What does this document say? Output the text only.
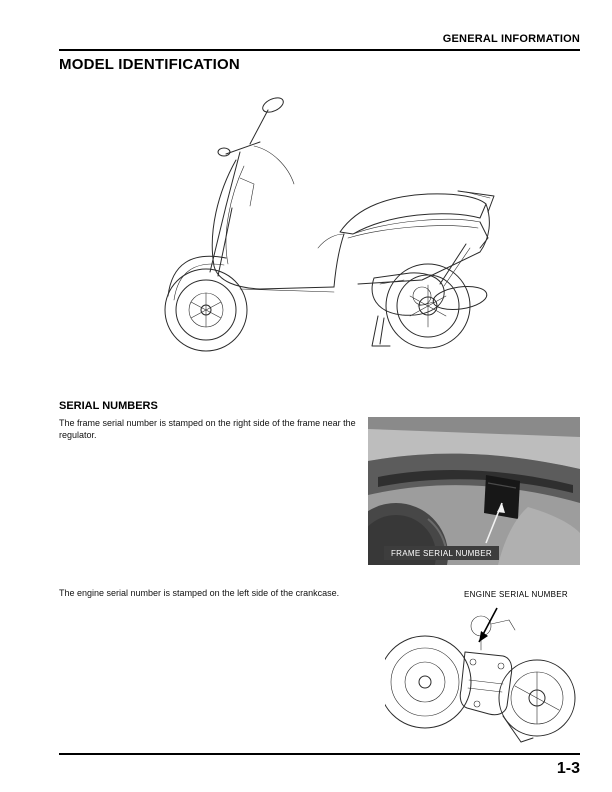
GENERAL INFORMATION
MODEL IDENTIFICATION
SERIAL NUMBERS
The frame serial number is stamped on the right side of the frame near the regulator.
FRAME SERIAL NUMBER
The engine serial number is stamped on the left side of the crankcase.	ENGINE SERIAL NUMBER
1-3
